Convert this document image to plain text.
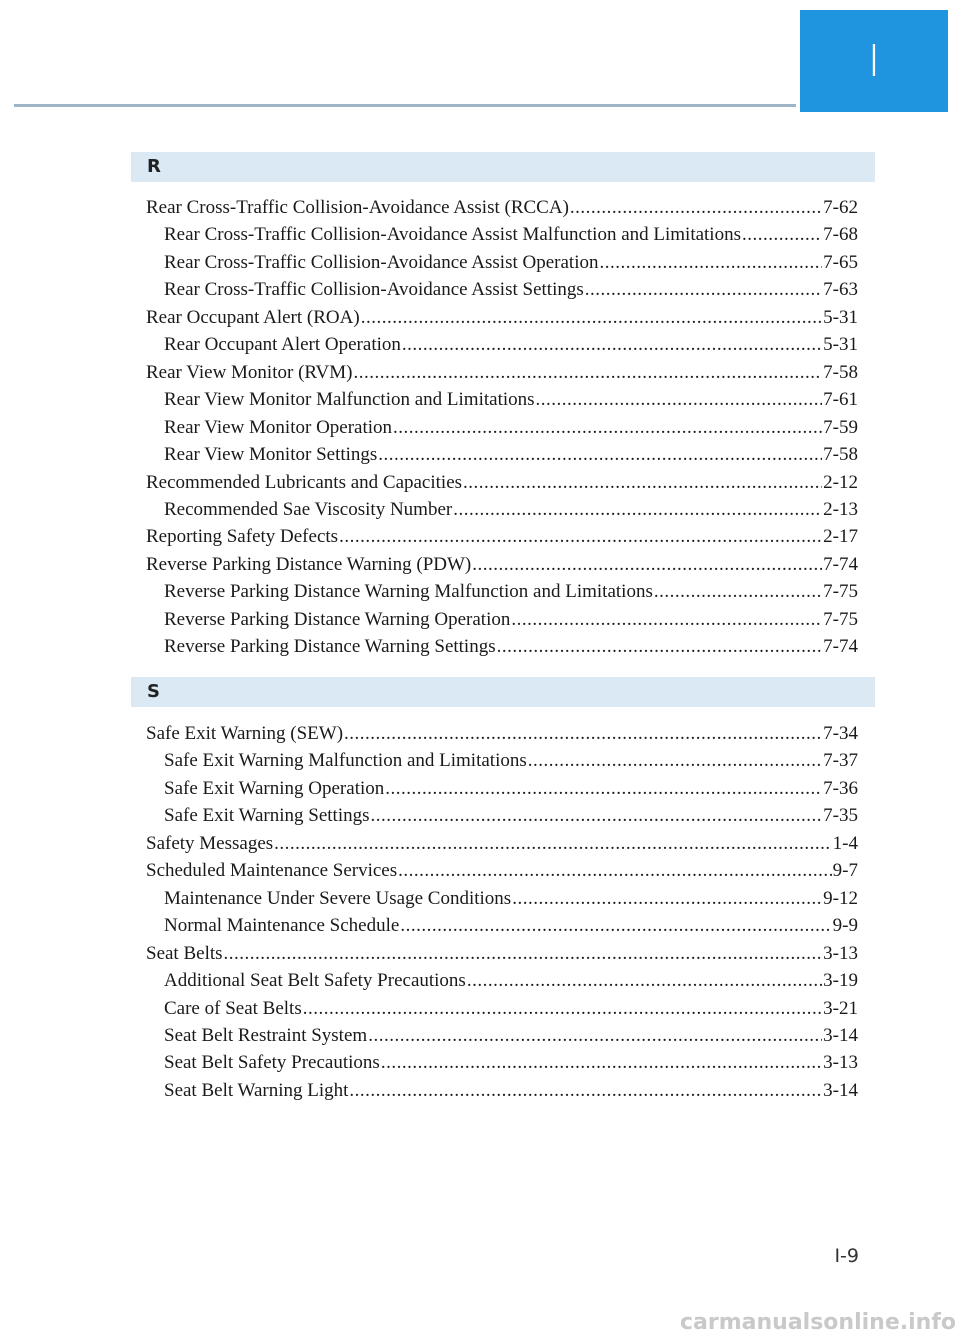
I
R
Rear Cross-Traffic Collision-Avoidance Assist (RCCA) .....	7-62
Rear Cross-Traffic Collision-Avoidance Assist Malfunction and Limitations .....	7-68
Rear Cross-Traffic Collision-Avoidance Assist Operation .....	7-65
Rear Cross-Traffic Collision-Avoidance Assist Settings .....	7-63
Rear Occupant Alert (ROA) .....	5-31
Rear Occupant Alert Operation .....	5-31
Rear View Monitor (RVM) .....	7-58
Rear View Monitor Malfunction and Limitations .....	7-61
Rear View Monitor Operation .....	7-59
Rear View Monitor Settings .....	7-58
Recommended Lubricants and Capacities .....	2-12
Recommended Sae Viscosity Number .....	2-13
Reporting Safety Defects .....	2-17
Reverse Parking Distance Warning (PDW) .....	7-74
Reverse Parking Distance Warning Malfunction and Limitations .....	7-75
Reverse Parking Distance Warning Operation .....	7-75
Reverse Parking Distance Warning Settings .....	7-74
S
Safe Exit Warning (SEW) .....	7-34
Safe Exit Warning Malfunction and Limitations .....	7-37
Safe Exit Warning Operation .....	7-36
Safe Exit Warning Settings .....	7-35
Safety Messages .....	1-4
Scheduled Maintenance Services .....	9-7
Maintenance Under Severe Usage Conditions .....	9-12
Normal Maintenance Schedule .....	9-9
Seat Belts .....	3-13
Additional Seat Belt Safety Precautions .....	3-19
Care of Seat Belts .....	3-21
Seat Belt Restraint System .....	3-14
Seat Belt Safety Precautions .....	3-13
Seat Belt Warning Light .....	3-14
I-9
carmanualsonline.info
